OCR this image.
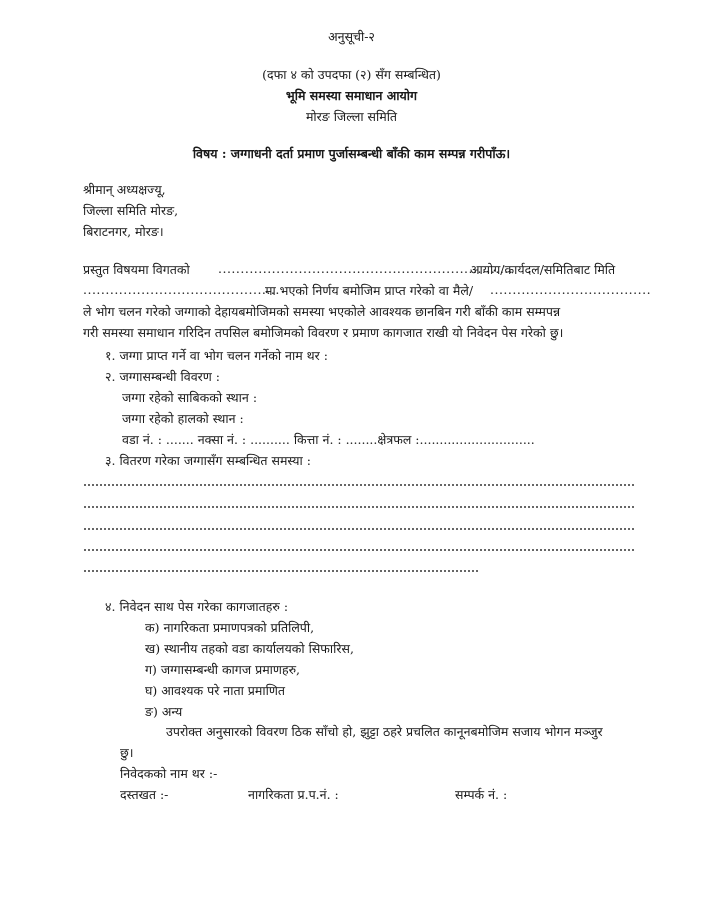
अनुसूची-२
(दफा ४ को उपदफा (२) सँग सम्बन्धित)
भूमि समस्या समाधान आयोग
मोरङ जिल्ला समिति
विषय : जग्गाधनी दर्ता प्रमाण पुर्जासम्बन्धी बाँकी काम सम्पन्न गरीपाँऊ।
श्रीमान् अध्यक्षज्यू,
जिल्ला समिति मोरङ,
बिराटनगर, मोरङ।
प्रस्तुत विषयमा विगतको ..................................................................
आयोग/कार्यदल/समितिबाट मिति
............................................
मा भएको निर्णय बमोजिम प्राप्त गरेको वा मैले/ ....................................
ले भोग चलन गरेको जग्गाको देहायबमोजिमको समस्या भएकोले आवश्यक छानबिन गरी बाँकी काम सम्मपन्न
गरी समस्या समाधान गरिदिन तपसिल बमोजिमको विवरण र प्रमाण कागजात राखी यो निवेदन पेस गरेको छु।
१. जग्गा प्राप्त गर्ने वा भोग चलन गर्नेको नाम थर :
२. जग्गासम्बन्धी विवरण :
जग्गा रहेको साबिकको स्थान :
जग्गा रहेको हालको स्थान :
वडा नं. : ....... नक्सा नं. : .......... कित्ता नं. : ........क्षेत्रफल :.............................
३. वितरण गरेका जग्गासँग सम्बन्धित समस्या :
४. निवेदन साथ पेस गरेका कागजातहरु :
क) नागरिकता प्रमाणपत्रको प्रतिलिपी,
ख) स्थानीय तहको वडा कार्यालयको सिफारिस,
ग) जग्गासम्बन्धी कागज प्रमाणहरु,
घ) आवश्यक परे नाता प्रमाणित
ङ) अन्य
उपरोक्त अनुसारको विवरण ठिक साँचो हो, झुट्टा ठहरे प्रचलित कानूनबमोजिम सजाय भोगन मञ्जुर
छु।
निवेदकको नाम थर :-
दस्तखत :-	नागरिकता प्र.प.नं. :	सम्पर्क नं. :
